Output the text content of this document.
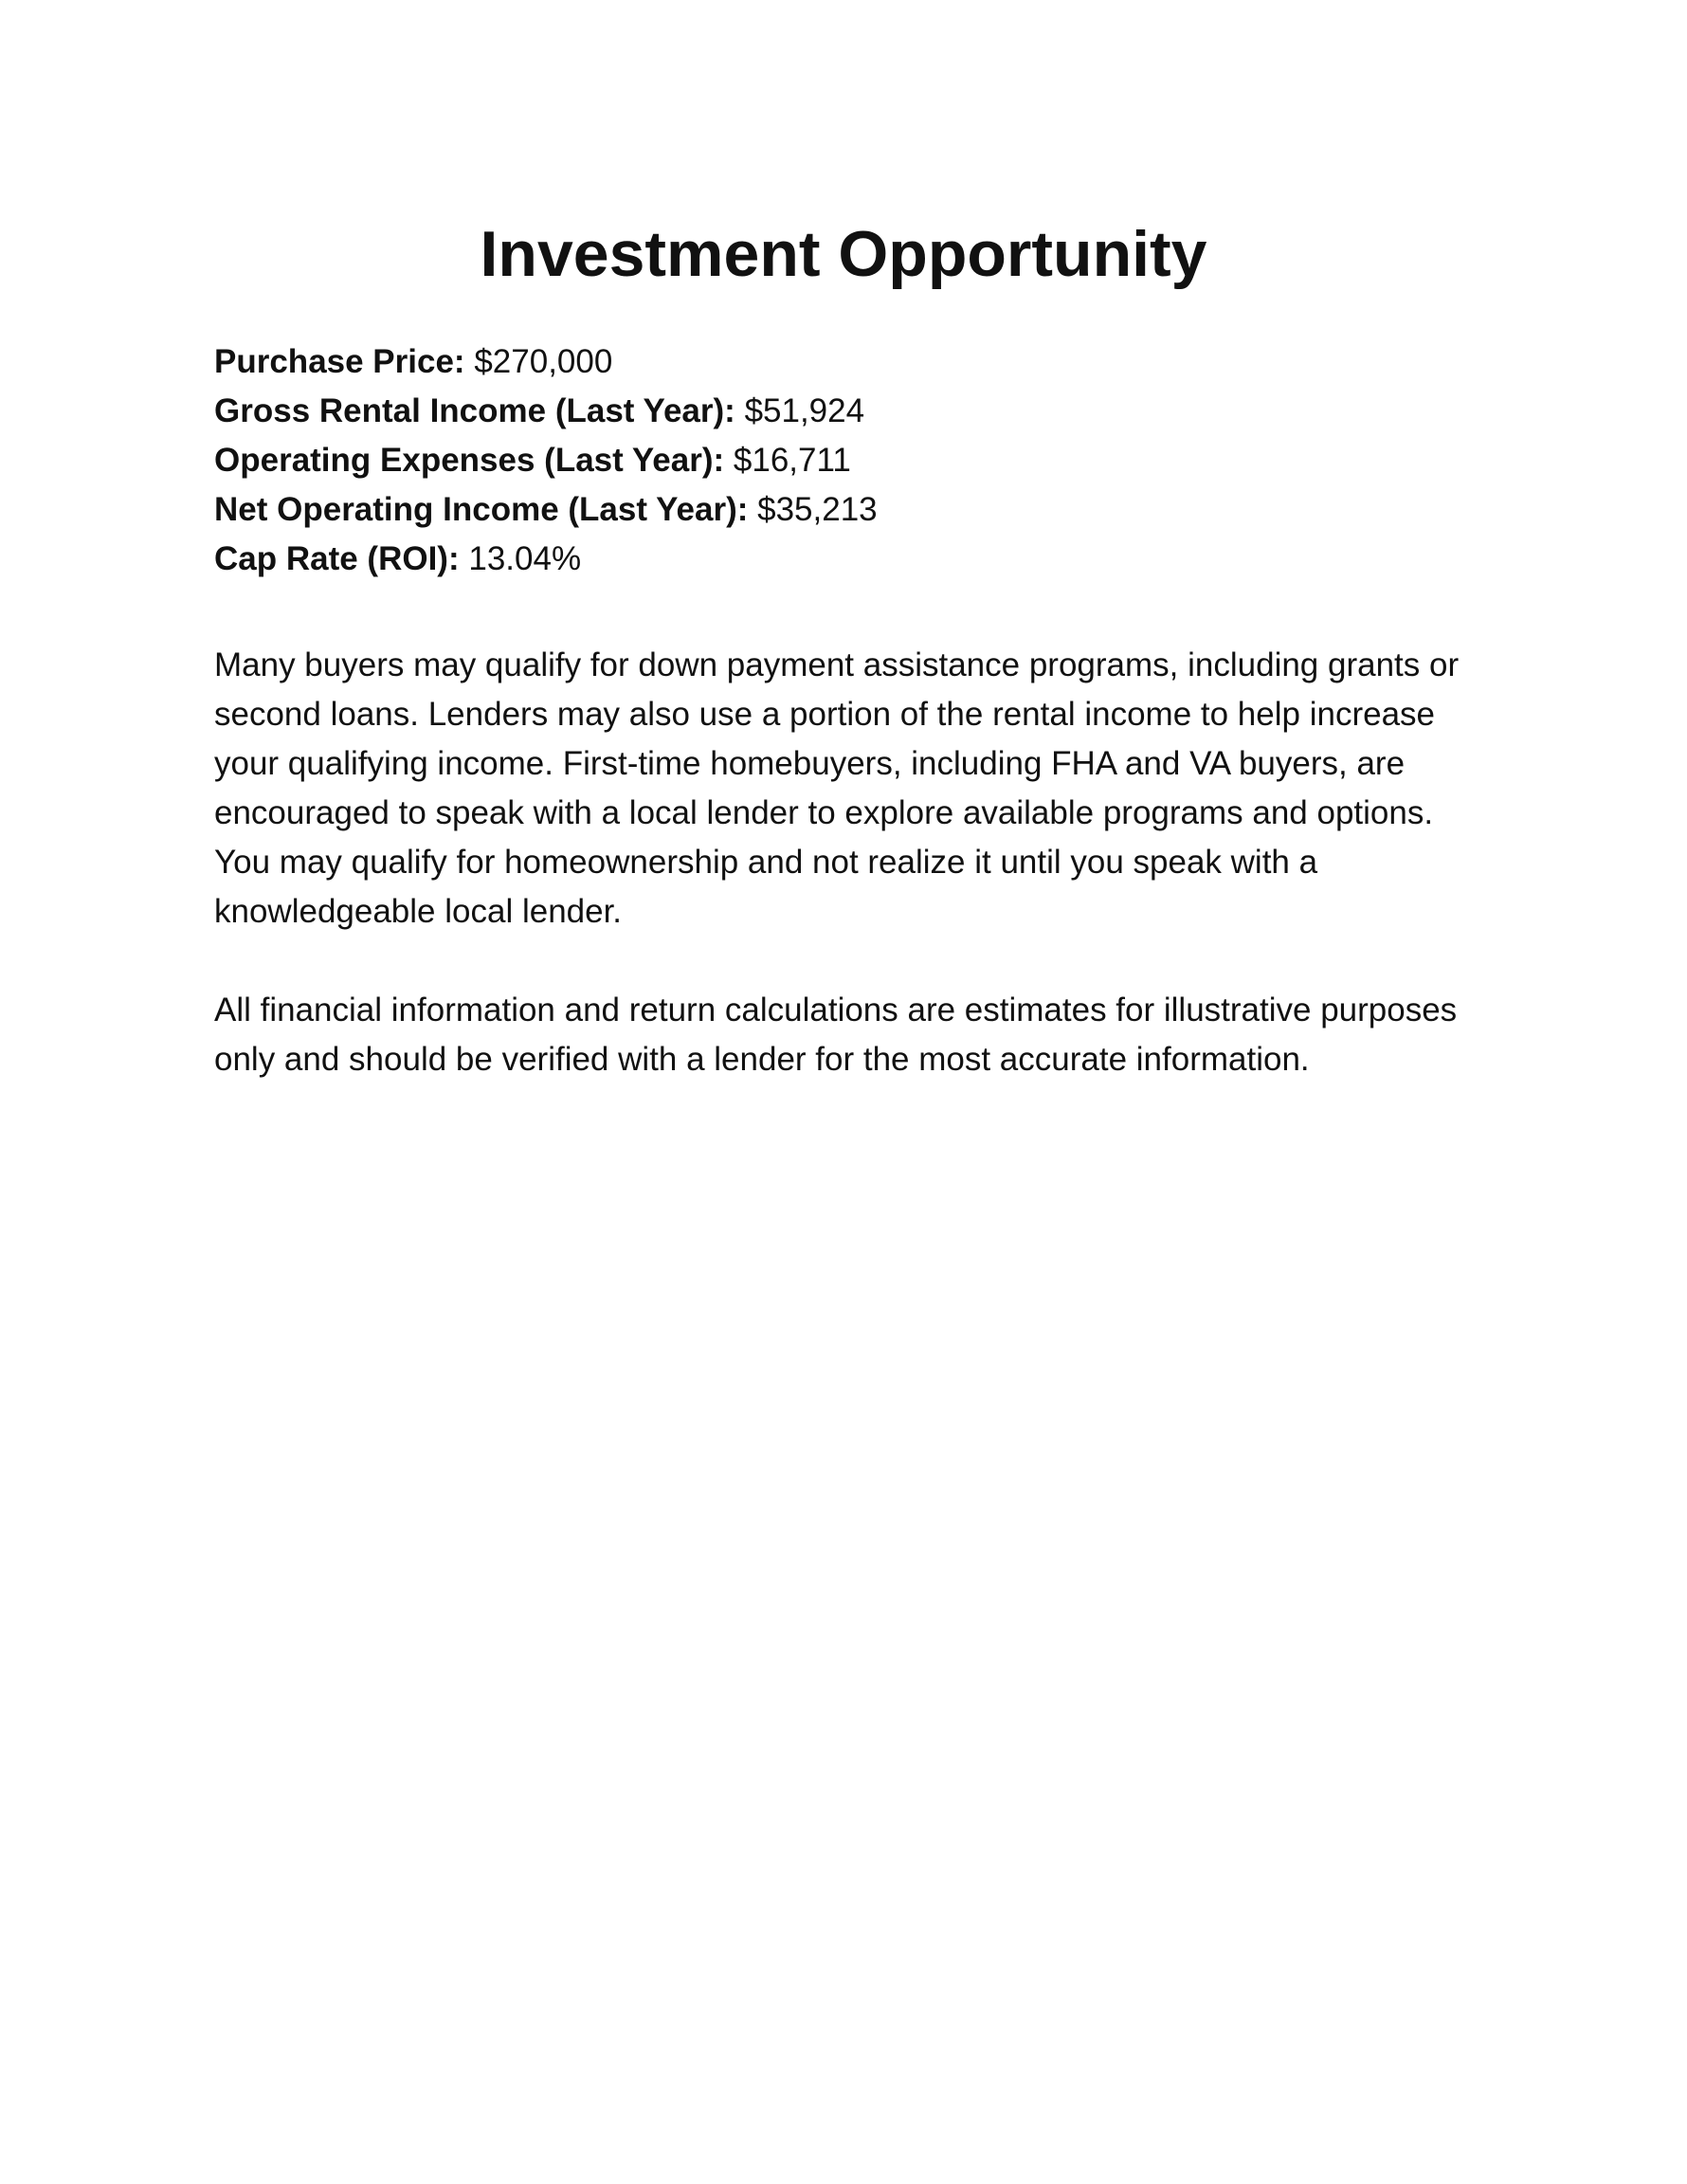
Investment Opportunity
Purchase Price: $270,000
Gross Rental Income (Last Year): $51,924
Operating Expenses (Last Year): $16,711
Net Operating Income (Last Year): $35,213
Cap Rate (ROI): 13.04%

Many buyers may qualify for down payment assistance programs, including grants or second loans. Lenders may also use a portion of the rental income to help increase your qualifying income. First-time homebuyers, including FHA and VA buyers, are encouraged to speak with a local lender to explore available programs and options. You may qualify for homeownership and not realize it until you speak with a knowledgeable local lender.

All financial information and return calculations are estimates for illustrative purposes only and should be verified with a lender for the most accurate information.
